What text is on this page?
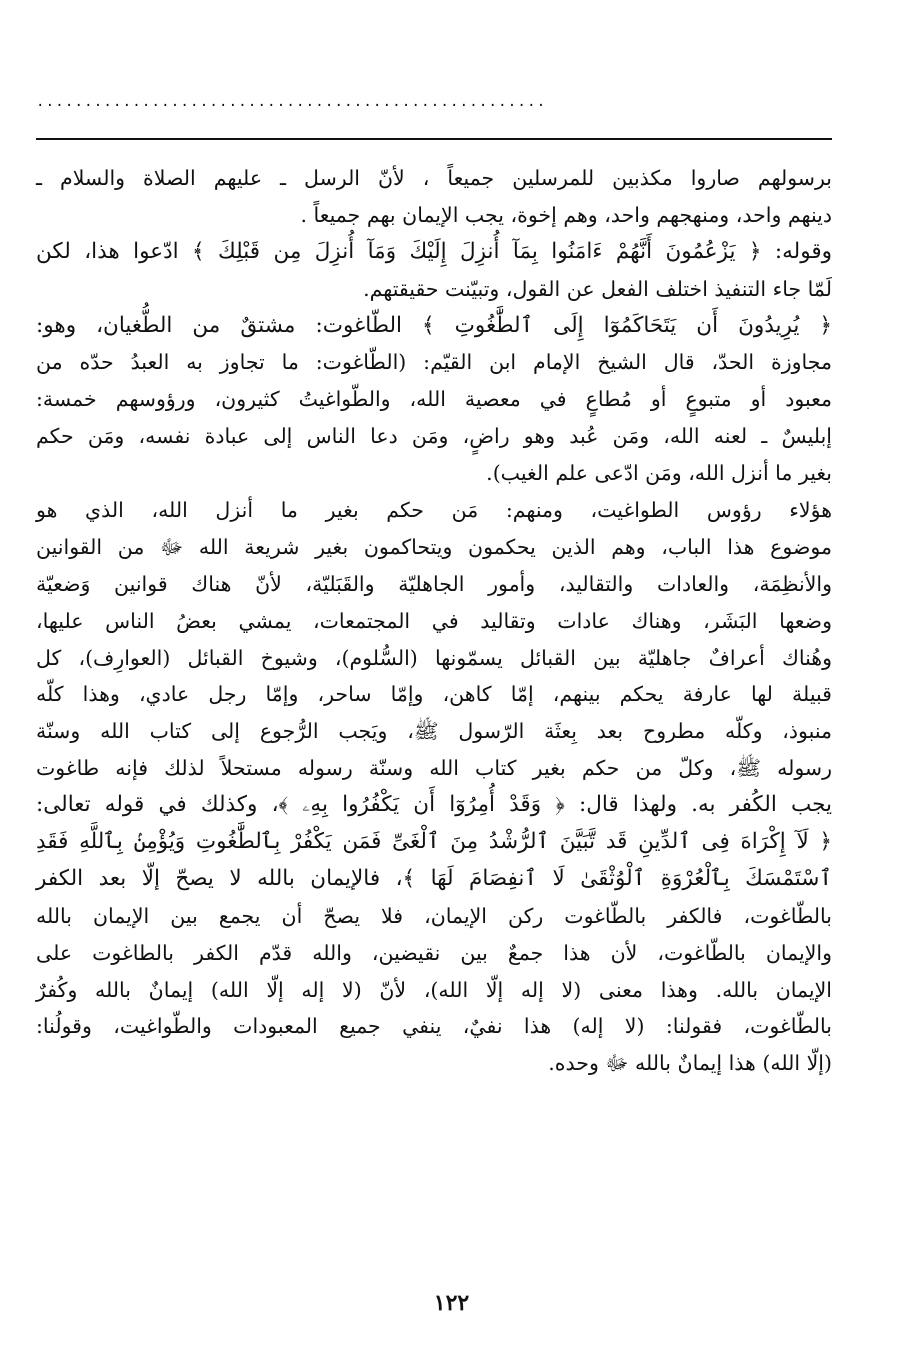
.....................................................
برسولهم صاروا مكذبين للمرسلين جميعاً ، لأنّ الرسل ـ عليهم الصلاة والسلام ـ
دينهم واحد، ومنهجهم واحد، وهم إخوة، يجب الإيمان بهم جميعاً .
وقوله: ﴿ يَزْعُمُونَ أَنَّهُمْ ءَامَنُوا بِمَآ أُنزِلَ إِلَيْكَ وَمَآ أُنزِلَ مِن قَبْلِكَ ﴾ ادّعوا هذا، لكن
لَمّا جاء التنفيذ اختلف الفعل عن القول، وتبيّنت حقيقتهم.
﴿ يُرِيدُونَ أَن يَتَحَاكَمُوٓا إِلَى ٱلطَّٰغُوتِ ﴾ الطّاغوت: مشتقٌ من الطُّغيان، وهو:
مجاوزة الحدّ، قال الشيخ الإمام ابن القيّم: (الطّاغوت: ما تجاوز به العبدُ حدّه من
معبود أو متبوعٍ أو مُطاعٍ في معصية الله، والطّواغيتُ كثيرون، ورؤوسهم خمسة:
إبليسٌ ـ لعنه الله، ومَن عُبد وهو راضٍ، ومَن دعا الناس إلى عبادة نفسه، ومَن حكم
بغير ما أنزل الله، ومَن ادّعى علم الغيب).
هؤلاء رؤوس الطواغيت، ومنهم: مَن حكم بغير ما أنزل الله، الذي هو
موضوع هذا الباب، وهم الذين يحكمون ويتحاكمون بغير شريعة الله ﷻ من القوانين
والأنظِمَة، والعادات والتقاليد، وأمور الجاهليّة والقَبَليّة، لأنّ هناك قوانين وَضعيّة
وضعها البَشَر، وهناك عادات وتقاليد في المجتمعات، يمشي بعضُ الناس عليها،
وهُناك أعرافٌ جاهليّة بين القبائل يسمّونها (السُّلوم)، وشيوخ القبائل (العوارِف)، كل
قبيلة لها عارفة يحكم بينهم، إمّا كاهن، وإمّا ساحر، وإمّا رجل عادي، وهذا كلّه
منبوذ، وكلّه مطروح بعد بِعثَة الرّسول ﷺ، ويَجب الرُّجوع إلى كتاب الله وسنّة
رسوله ﷺ، وكلّ من حكم بغير كتاب الله وسنّة رسوله مستحلاً لذلك فإنه طاغوت
يجب الكُفر به. ولهذا قال: ﴿ وَقَدْ أُمِرُوٓا أَن يَكْفُرُوا بِهِۦ ﴾، وكذلك في قوله تعالى:
﴿ لَآ إِكْرَاهَ فِى ٱلدِّينِ قَد تَّبَيَّنَ ٱلرُّشْدُ مِنَ ٱلْغَىِّ فَمَن يَكْفُرْ بِٱلطَّٰغُوتِ وَيُؤْمِنۢ بِٱللَّهِ فَقَدِ
ٱسْتَمْسَكَ بِٱلْعُرْوَةِ ٱلْوُثْقَىٰ لَا ٱنفِصَامَ لَهَا ﴾، فالإيمان بالله لا يصحّ إلّا بعد الكفر
بالطّاغوت، فالكفر بالطّاغوت ركن الإيمان، فلا يصحّ أن يجمع بين الإيمان بالله
والإيمان بالطّاغوت، لأن هذا جمعٌ بين نقيضين، والله قدّم الكفر بالطاغوت على
الإيمان بالله. وهذا معنى (لا إله إلّا الله)، لأنّ (لا إله إلّا الله) إيمانٌ بالله وكُفرٌ
بالطّاغوت، فقولنا: (لا إله) هذا نفيٌ، ينفي جميع المعبودات والطّواغيت، وقولُنا:
(إلّا الله) هذا إيمانٌ بالله ﷻ وحده.
١٢٢
